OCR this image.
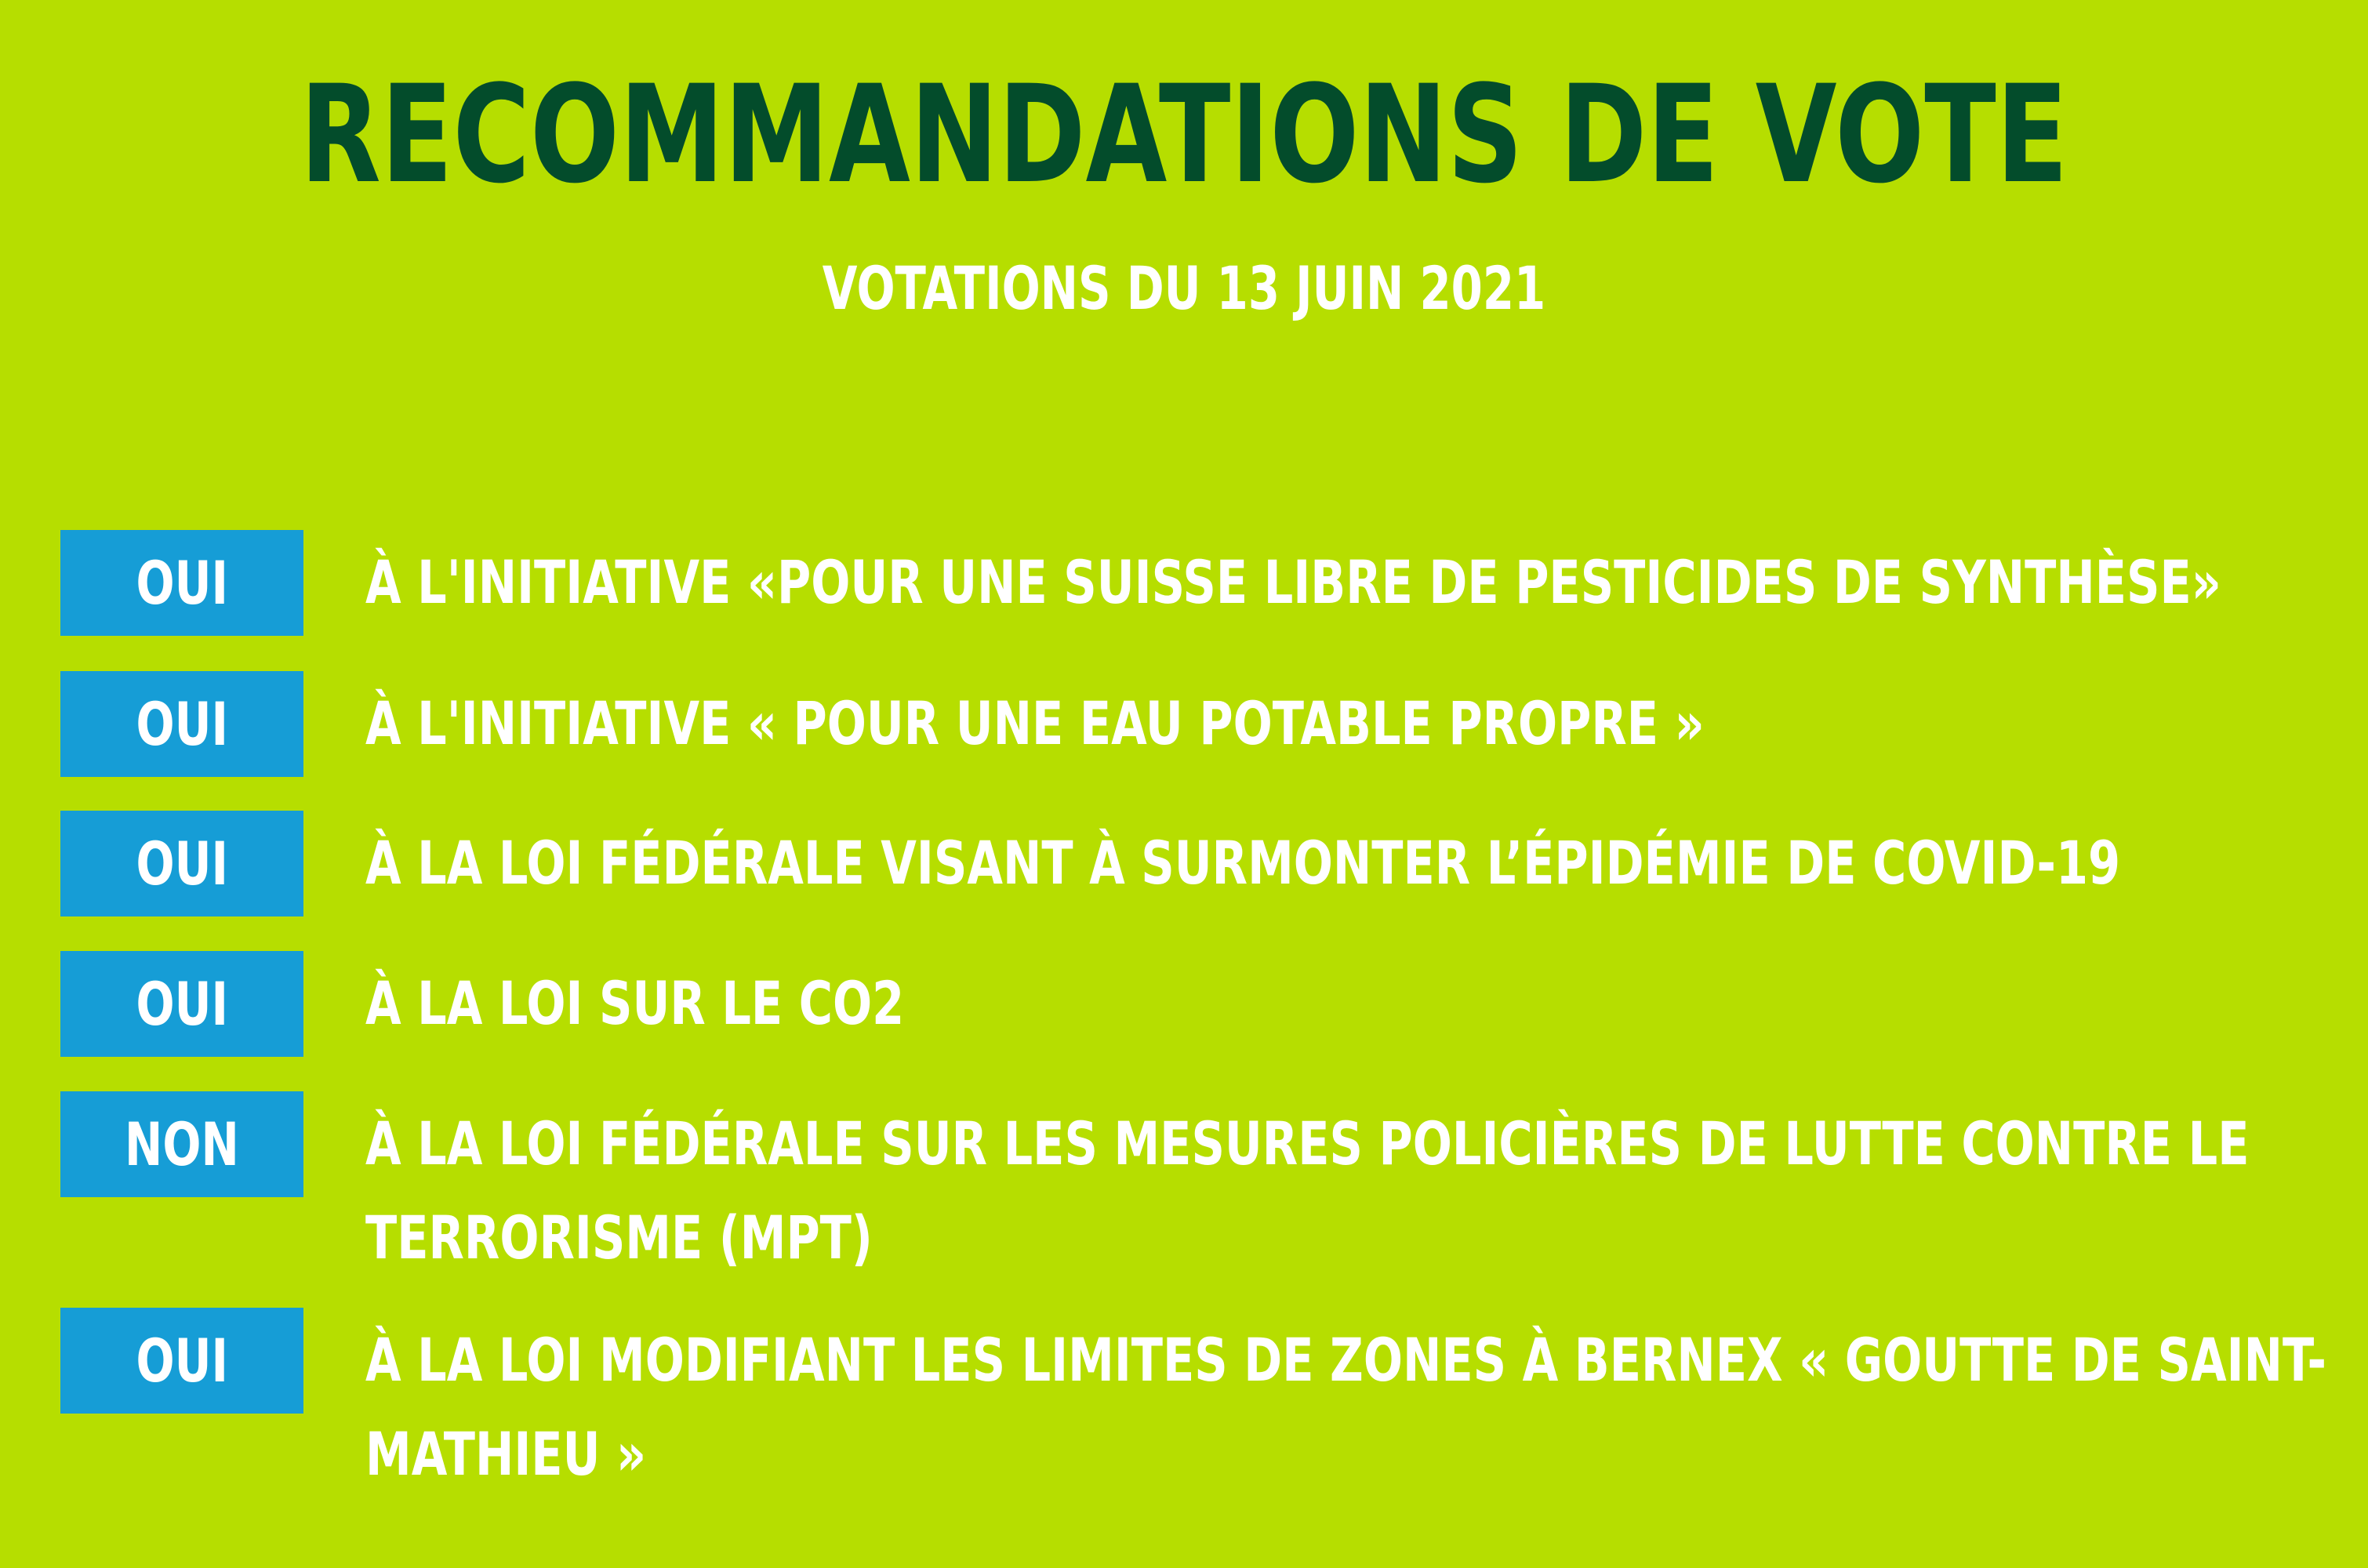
RECOMMANDATIONS DE VOTE
VOTATIONS DU 13 JUIN 2021
OUI	À L'INITIATIVE «POUR UNE SUISSE LIBRE DE PESTICIDES DE SYNTHÈSE»
OUI	À L'INITIATIVE « POUR UNE EAU POTABLE PROPRE »
OUI	À LA LOI FÉDÉRALE VISANT À SURMONTER L’ÉPIDÉMIE DE COVID-19
OUI	À LA LOI SUR LE CO2
NON	À LA LOI FÉDÉRALE SUR LES MESURES POLICIÈRES DE LUTTE CONTRE LE TERRORISME (MPT)
OUI	À LA LOI MODIFIANT LES LIMITES DE ZONES À BERNEX « GOUTTE DE SAINT-MATHIEU »
